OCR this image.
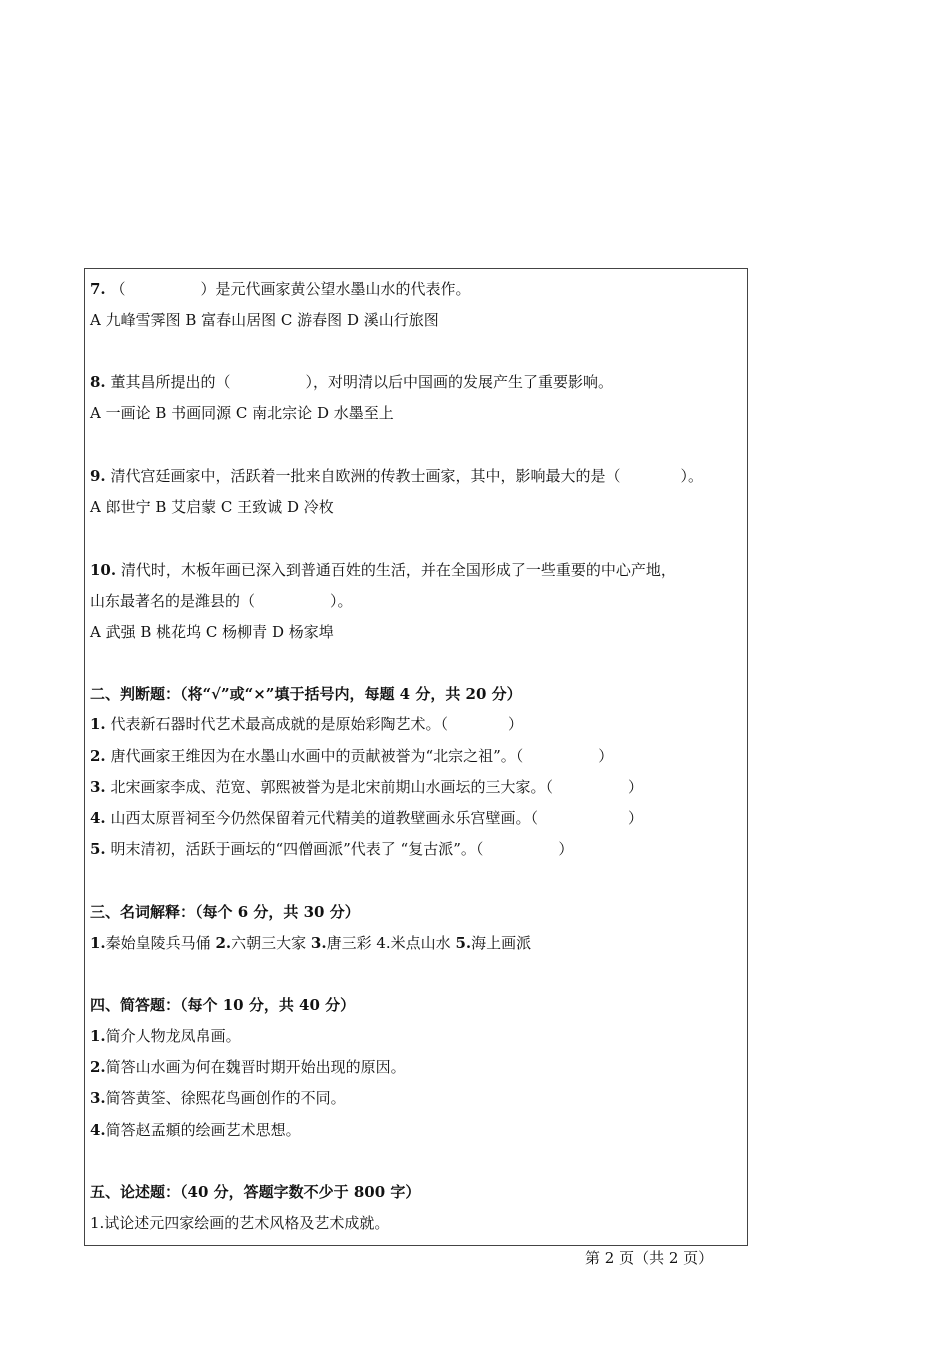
7. （　　　　　）是元代画家黄公望水墨山水的代表作。
A 九峰雪霁图 B 富春山居图 C 游春图 D 溪山行旅图
8. 董其昌所提出的（　　　　　），对明清以后中国画的发展产生了重要影响。
A 一画论 B 书画同源 C 南北宗论 D 水墨至上
9. 清代宫廷画家中，活跃着一批来自欧洲的传教士画家，其中，影响最大的是（　　　　）。
A 郎世宁 B 艾启蒙 C 王致诚 D 冷枚
10. 清代时，木板年画已深入到普通百姓的生活，并在全国形成了一些重要的中心产地，
山东最著名的是潍县的（　　　　　）。
A 武强 B 桃花坞 C 杨柳青 D 杨家埠
二、判断题：（将“√”或“×”填于括号内，每题 4 分，共 20 分）
1. 代表新石器时代艺术最高成就的是原始彩陶艺术。（　　　　）
2. 唐代画家王维因为在水墨山水画中的贡献被誉为“北宗之祖”。（　　　　　）
3. 北宋画家李成、范宽、郭熙被誉为是北宋前期山水画坛的三大家。（　　　　　）
4. 山西太原晋祠至今仍然保留着元代精美的道教壁画永乐宫壁画。（　　　　　　）
5. 明末清初，活跃于画坛的“四僧画派”代表了 “复古派”。（　　　　　）
三、名词解释：（每个 6 分，共 30 分）
1.秦始皇陵兵马俑 2.六朝三大家 3.唐三彩 4.米点山水 5.海上画派
四、简答题：（每个 10 分，共 40 分）
1.简介人物龙凤帛画。
2.简答山水画为何在魏晋时期开始出现的原因。
3.简答黄筌、徐熙花鸟画创作的不同。
4.简答赵孟頫的绘画艺术思想。
五、论述题：（40 分，答题字数不少于 800 字）
1.试论述元四家绘画的艺术风格及艺术成就。
第 2 页（共 2 页）
